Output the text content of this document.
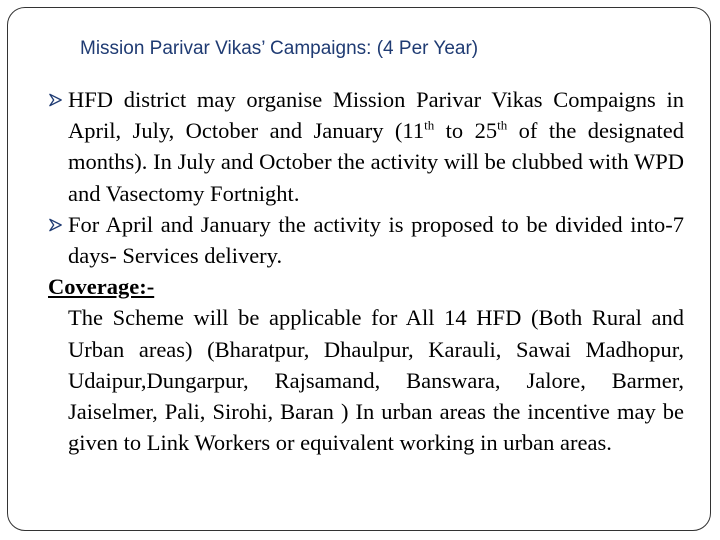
Mission Parivar Vikas’ Campaigns: (4 Per Year)
HFD district may organise Mission Parivar Vikas Compaigns in April, July, October and January (11th to 25th of the designated months). In July and October the activity will be clubbed with WPD and Vasectomy Fortnight.
For April and January the activity is proposed to be divided into-7 days- Services delivery.
Coverage:-
The Scheme will be applicable for All 14 HFD (Both Rural and Urban areas) (Bharatpur, Dhaulpur, Karauli, Sawai Madhopur, Udaipur,Dungarpur, Rajsamand, Banswara, Jalore, Barmer, Jaiselmer, Pali, Sirohi, Baran ) In urban areas the incentive may be given to Link Workers or equivalent working in urban areas.
